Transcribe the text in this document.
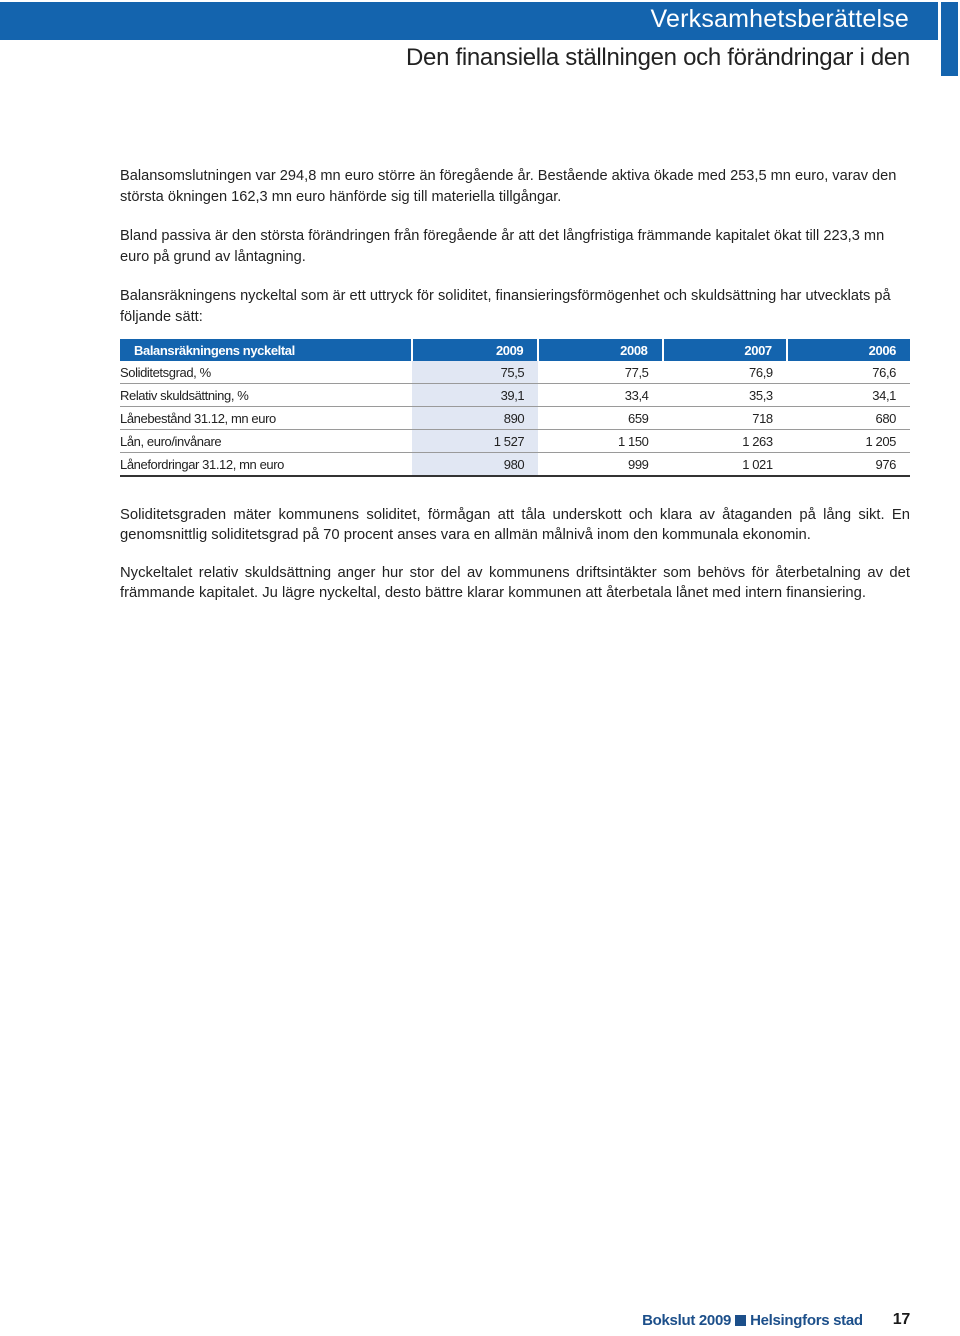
Verksamhetsberättelse
Den finansiella ställningen och förändringar i den

Balansomslutningen var 294,8 mn euro större än föregående år. Bestående aktiva ökade med 253,5 mn euro, varav den största ökningen 162,3 mn euro hänförde sig till materiella tillgångar.

Bland passiva är den största förändringen från föregående år att det långfristiga främmande kapitalet ökat till 223,3 mn euro på grund av låntagning.

Balansräkningens nyckeltal som är ett uttryck för soliditet, finansieringsförmögenhet och skuldsättning har utvecklats på följande sätt:

Balansräkningens nyckeltal	2009	2008	2007	2006
Soliditetsgrad, %	75,5	77,5	76,9	76,6
Relativ skuldsättning, %	39,1	33,4	35,3	34,1
Lånebestånd 31.12, mn euro	890	659	718	680
Lån, euro/invånare	1 527	1 150	1 263	1 205
Lånefordringar 31.12, mn euro	980	999	1 021	976

Soliditetsgraden mäter kommunens soliditet, förmågan att tåla underskott och klara av åtaganden på lång sikt. En genomsnittlig soliditetsgrad på 70 procent anses vara en allmän målnivå inom den kommunala ekonomin.

Nyckeltalet relativ skuldsättning anger hur stor del av kommunens driftsintäkter som behövs för återbetalning av det främmande kapitalet. Ju lägre nyckeltal, desto bättre klarar kommunen att återbetala lånet med intern finansiering.

Bokslut 2009 Helsingfors stad 17
